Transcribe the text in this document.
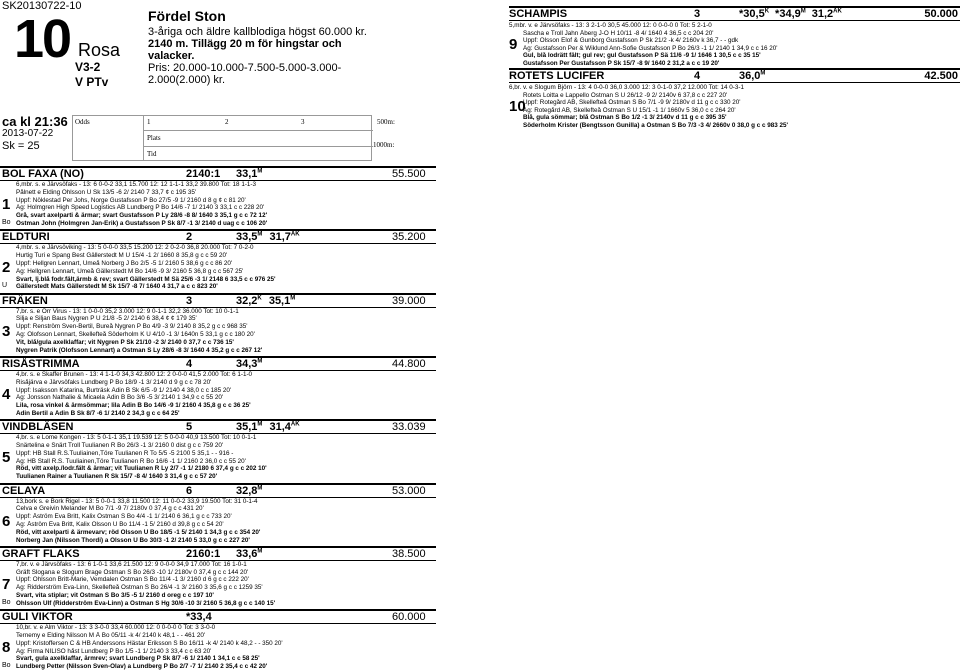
SK20130722-10
10 Rosa
V3-2
V PTv
Fördel Ston
3-åriga och äldre kallblodiga högst 60.000 kr.
2140 m. Tillägg 20 m för hingstar och valacker.
Pris: 20.000-10.000-7.500-5.000-3.000-2.000(2.000) kr.
ca kl 21:36
2013-07-22
Sk = 25
Odds	1	2	3	500m:
Plats
Tid
1000m:
SCHAMPIS	3	$*30,5^K$ $*34,9^M$ $31,2^{AK}$	50.000
9
5,mbr. v. e Järvsöfaks - 13: 3 2-1-0 30,5 45.000 12: 0 0-0-0 0 Tot: 5 2-1-0
Sascha e Troll Jahn Åberg J-O H 10/11 -8 4/ 1640 4 36,5 c c 204 20'
Uppf: Olsson Elof & Gunborg Gustafsson P Sk 21/2 -k 4/ 2160v k 36,7 - - gdk
Äg: Gustafsson Per & Wiklund Ann-Sofie Gustafsson P Bo 26/3 -1 1/ 2140 1 34,9 c c 16 20'
Gul, blå lodrätt fält; gul rev; gul Gustafsson P Sä 11/6 -9 1/ 1646 1 30,5 c c 35 15'
Gustafsson Per Gustafsson P Sk 15/7 -8 9/ 1640 2 31,2 a c c 19 20'
ROTETS LUCIFER	4	$36,0^M$	42.500
10
6,br. v. e Slogum Björn - 13: 4 0-0-0 36,0 3.000 12: 3 0-1-0 37,2 12.000 Tot: 14 0-3-1
Rotets Loitta e Lappello Östman S U 26/12 -9 2/ 2140v 6 37,8 c c 227 20'
Uppf: Rotegård AB, Skellefteå Östman S Bo 7/1 -9 9/ 2180v d 11 g c c 330 20'
Äg: Rotegård AB, Skellefteå Östman S U 15/1 -1 1/ 1660v 5 36,0 c c 264 20'
Blå, gula sömmar; blå Östman S Bo 1/2 -1 3/ 2140v d 11 g c c 395 35'
Söderholm Krister (Bengtsson Gunilla) a Östman S Bo 7/3 -3 4/ 2660v 0 38,0 g c c 983 25'
BOL FAXA (NO)	2140:1 $33,1^M$	55.500
1
Bo
6,mbr. s. e Järvsöfaks - 13: 6 0-0-2 33,1 15.700 12: 12 1-1-1 33,2 39.800 Tot: 18 1-1-3
Pålnett e Elding Ohlsson U Sk 13/5 -6 2/ 2140 7 33,7 ¢ c 195 35'
Uppf: Nöklestad Per Johs, Norge Gustafsson P Bo 27/5 -9 1/ 2160 d 8 g ¢ c 81 20'
Äg: Holmgren High Speed Logistics AB Lundberg P Bo 14/6 -7 1/ 2140 3 33,1 c c 228 20'
Grå, svart axelparti & ärmar; svart Gustafsson P Ly 28/6 -8 8/ 1640 3 35,1 g c c 72 12'
Östman John (Holmgren Jan-Erik) a Gustafsson P Sk 8/7 -1 3/ 2140 d uag c c 106 20'
ELDTURI	2	$33,5^M$ $31,7^{AK}$	35.200
2
U
4,mbr. s. e Järvsöviking - 13: 5 0-0-0 33,5 15.200 12: 2 0-2-0 36,8 20.000 Tot: 7 0-2-0
Hurtig Turi e Spang Best Gällerstedt M U 15/4 -1 2/ 1660 8 35,8 g c c 59 20'
Uppf: Hellgren Lennart, Umeå Norberg J Bo 2/5 -5 1/ 2160 5 38,6 g c c 86 20'
Äg: Hellgren Lennart, Umeå Gällerstedt M Bo 14/6 -9 3/ 2160 5 36,8 g c c 567 25'
Svart, lj.blå fodr.fält,ärmb & rev; svart Gällerstedt M Sä 25/6 -3 1/ 2148 6 33,5 c c 976 25'
Gällerstedt Mats Gällerstedt M Sk 15/7 -8 7/ 1640 4 31,7 a c c 823 20'
FRÄKEN	3	$32,2^K$ $35,1^M$	39.000
3
7,br. s. e Orr Virus - 13: 1 0-0-0 35,2 3.000 12: 9 0-1-1 32,2 36.000 Tot: 10 0-1-1
Silja e Siljan Baus Nygren P U 21/8 -5 2/ 2140 6 38,4 ¢ ¢ 179 35'
Uppf: Renström Sven-Bertil, Bureå Nygren P Bo 4/9 -3 9/ 2140 8 35,2 g c c 968 35'
Äg: Olofsson Lennart, Skellefteå Söderholm K U 4/10 -1 3/ 1640n 5 33,1 g c c 180 20'
Vit, blå/gula axelklaffar; vit Nygren P Sk 21/10 -2 3/ 2140 0 37,7 c c 736 15'
Nygren Patrik (Olofsson Lennart) a Östman S Ly 28/6 -8 3/ 1640 4 35,2 g c c 267 12'
RISÅSTRIMMA	4	$34,3^M$	44.800
4
4,br. s. e Skaffer Brunen - 13: 4 1-1-0 34,3 42.800 12: 2 0-0-0 41,5 2.000 Tot: 6 1-1-0
Risåjärva e Järvsöfaks Lundberg P Bo 18/9 -1 3/ 2140 d 9 g c c 78 20'
Uppf: Isaksson Katarina, Burträsk Ädin B Sk 6/5 -9 1/ 2140 4 38,0 c c 185 20'
Äg: Jonsson Nathalie & Micaela Ädin B Bo 3/6 -5 3/ 2140 1 34,9 c c 55 20'
Lila, rosa vinkel & ärmsömmar; lila Ädin B Bo 14/6 -9 1/ 2160 4 35,8 g c c 36 25'
Ädin Bertil a Ädin B Sk 8/7 -6 1/ 2140 2 34,3 g c c 64 25'
VINDBLÄSEN	5	$35,1^M$ $31,4^{AK}$	33.039
5
4,br. s. e Lome Kongen - 13: 5 0-1-1 35,1 19.539 12: 5 0-0-0 40,9 13.500 Tot: 10 0-1-1
Snärtelina e Snärt Troll Tuulianen R Bo 26/3 -1 3/ 2160 0 dist g c c 759 20'
Uppf: HB Stall R.S.Tuuliainen,Töre Tuulianen R To 5/5 -5 2100 5 35,1 - - 916 -
Äg: HB Stall R.S. Tuuliainen,Töre Tuulianen R Bo 16/6 -1 1/ 2160 2 36,0 c c 55 20'
Röd, vitt axelp./lodr.fält & ärmar; vit Tuulianen R Ly 2/7 -1 1/ 2180 6 37,4 g c c 202 10'
Tuulianen Rainer a Tuulianen R Sk 15/7 -8 4/ 1640 3 31,4 g c c 57 20'
CELAYA	6	$32,8^M$	53.000
6
13,bork s. e Bork Rigel - 13: 5 0-0-1 33,8 11.500 12: 11 0-0-2 33,9 19.500 Tot: 31 0-1-4
Celva e Greivin Melander M Bo 7/1 -9 7/ 2180v 0 37,4 g c c 431 20'
Uppf: Åström Eva Britt, Kalix Östman S Bo 4/4 -1 1/ 2140 6 36,1 g c c 733 20'
Äg: Åström Eva Britt, Kalix Olsson U Bo 11/4 -1 5/ 2160 d 39,8 g c c 54 20'
Röd, vitt axelparti & ärmevarv; röd Olsson U Bo 18/5 -1 5/ 2140 1 34,3 g c c 354 20'
Norberg Jan (Nilsson Thordi) a Olsson U Bo 30/3 -1 2/ 2140 5 33,0 g c c 227 20'
GRAFT FLAKS	2160:1 $33,6^M$	38.500
7
Bo
7,br. v. e Järvsöfaks - 13: 6 1-0-1 33,6 21.500 12: 9 0-0-0 34,9 17.000 Tot: 16 1-0-1
Gräft Slogana e Slogum Brage Östman S Bo 26/3 -10 1/ 2180v 0 37,4 g c c 144 20'
Uppf: Ohlsson Britt-Marie, Vemdalen Östman S Bo 11/4 -1 3/ 2160 d 6 g c c 222 20'
Äg: Ridderström Eva-Linn, Skellefteå Östman S Bo 26/4 -1 3/ 2160 3 35,6 g c c 1259 35'
Svart, vita stiplar; vit Östman S Bo 3/5 -5 1/ 2160 d oreg c c 197 10'
Ohlsson Ulf (Ridderström Eva-Linn) a Östman S Hg 30/6 -10 3/ 2160 5 36,8 g c c 140 15'
GULI VIKTOR	*33,4	60.000
8
Bo
10,br. v. e Alm Viktor - 13: 3 3-0-0 33,4 60.000 12: 0 0-0-0 0 Tot: 3 3-0-0
Ternemy e Elding Nilsson M Å Bo 05/11 -k 4/ 2140 k 48,1 - - 461 20'
Uppf: Kristoffersen C & HB Anderssons Hästar Eriksson S Bo 16/11 -k 4/ 2140 k 48,2 - - 350 20'
Äg: Firma NILISO håst Lundberg P Bo 1/5 -1 1/ 2140 3 33,4 c c 63 20'
Svart, gula axelklaffar, ärmrev; svart Lundberg P Sk 8/7 -6 1/ 2140 1 34,1 c c 58 25'
Lundberg Petter (Nilsson Sven-Olav) a Lundberg P Bo 2/7 -7 1/ 2140 2 35,4 c c 42 20'
